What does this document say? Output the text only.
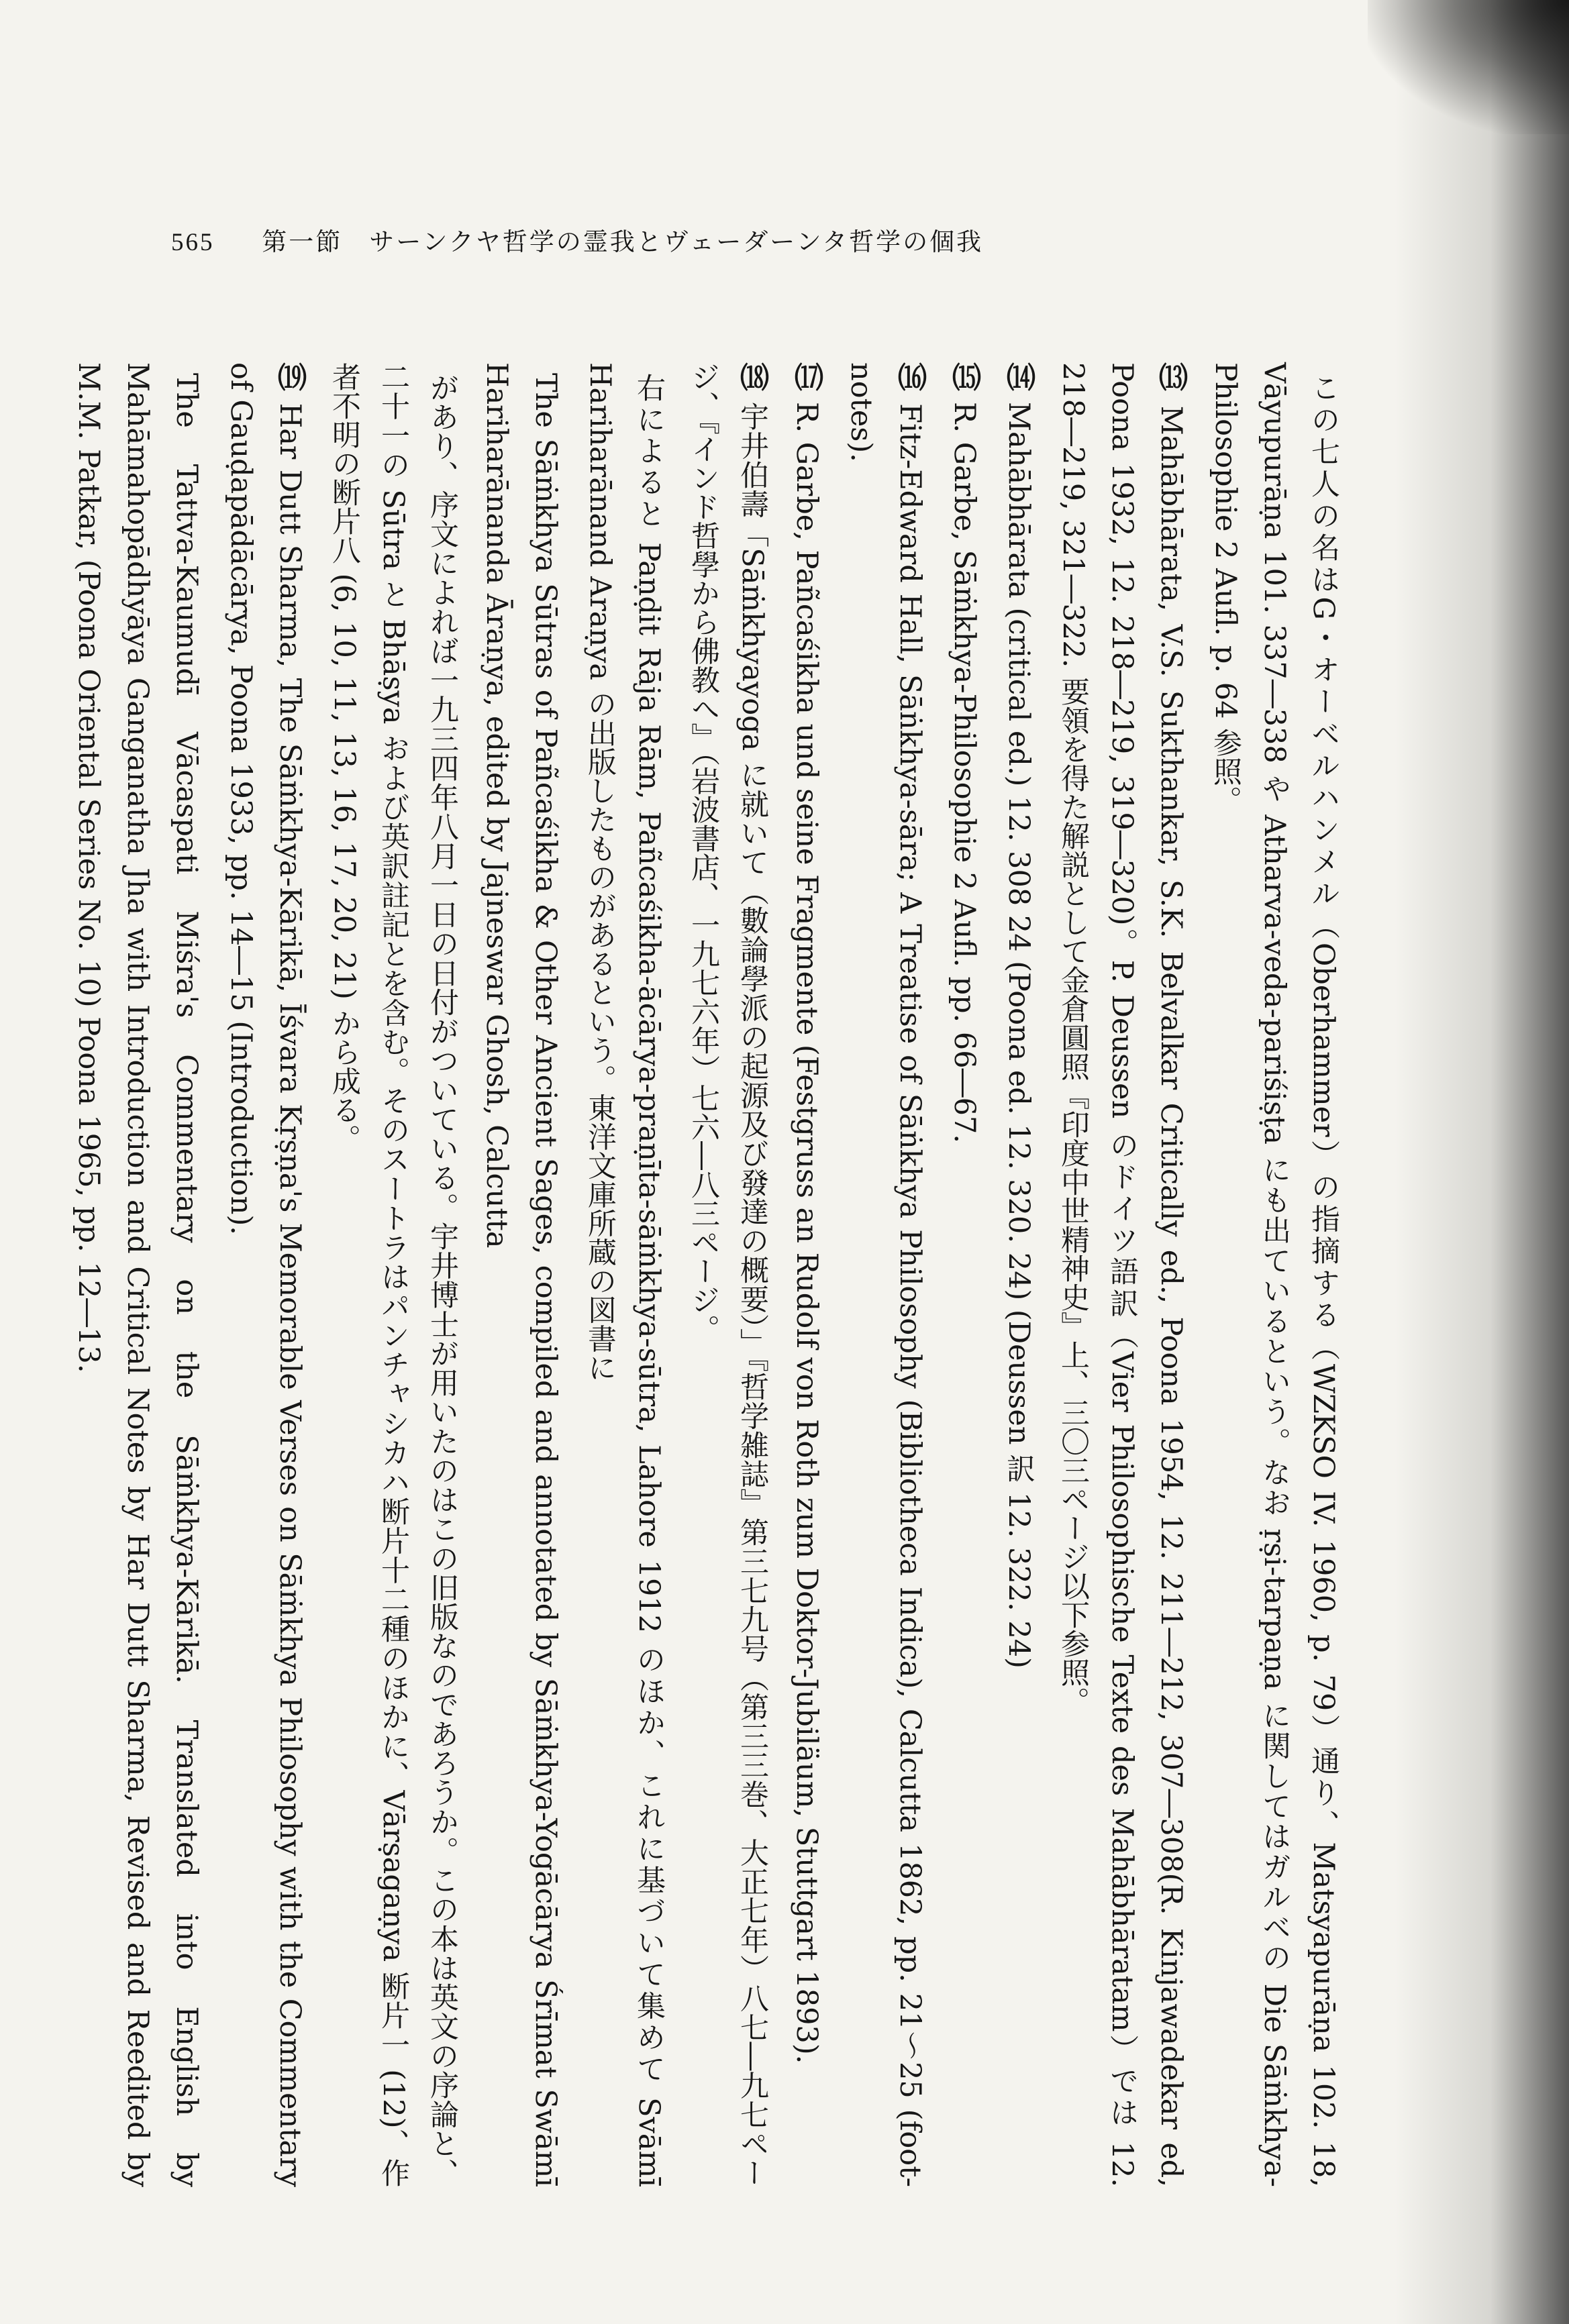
565 第一節　サーンクヤ哲学の霊我とヴェーダーンタ哲学の個我
この七人の名はG・オーベルハンメル（Oberhammer）の指摘する（WZKSO IV. 1960, p. 79）通り、Matsyapurāṇa 102. 18, Vāyupurāṇa 101. 337―338 や Atharva-veda-pariśiṣṭa にも出ているという。なお ṛṣi-tarpaṇa に関してはガルベの Die Sāṁkhya-Philosophie 2 Aufl. p. 64 参照。
⒀Mahābhārata, V.S. Sukthankar, S.K. Belvalkar Critically ed., Poona 1954, 12. 211―212, 307―308(R. Kinjawadekar ed, Poona 1932, 12. 218―219, 319―320)。P. Deussen のドイツ語訳（Vier Philosophische Texte des Mahābhāratam）では 12. 218―219, 321―322. 要領を得た解説として金倉圓照『印度中世精神史』上、三〇三ページ以下参照。
⒁Mahābhārata (critical ed.) 12. 308 24 (Poona ed. 12. 320. 24) (Deussen 訳 12. 322. 24)
⒂R. Garbe, Sāṁkhya-Philosophie 2 Aufl. pp. 66―67.
⒃Fitz-Edward Hall, Sāṅkhya-sāra; A Treatise of Sāṅkhya Philosophy (Bibliotheca Indica), Calcutta 1862, pp. 21～25 (foot-notes).
⒄R. Garbe, Pañcaśikha und seine Fragmente (Festgruss an Rudolf von Roth zum Doktor-Jubiläum, Stuttgart 1893).
⒅宇井伯壽「Sāṁkhyayoga に就いて（數論學派の起源及び發達の概要）」『哲学雑誌』第三七九号（第三三巻、大正七年）八七―九七ページ、『インド哲學から佛教へ』（岩波書店、一九七六年）七六―八三ページ。
右によると Paṇḍit Rāja Rām, Pañcaśikha-ācārya-praṇīta-sāṁkhya-sūtra, Lahore 1912 のほか、これに基づいて集めて Svāmī Hariharānand Araṇya の出版したものがあるという。東洋文庫所蔵の図書に
The Sāṁkhya Sūtras of Pañcaśikha & Other Ancient Sages, compiled and annotated by Sāṁkhya-Yogācārya Śrīmat Swāmī Hariharānanda Āraṇya, edited by Jajneswar Ghosh, Calcutta
があり、序文によれば一九三四年八月一日の日付がついている。宇井博士が用いたのはこの旧版なのであろうか。この本は英文の序論と、二十一の Sūtra と Bhāṣya および英訳註記とを含む。そのスートラはパンチャシカハ断片十二種のほかに、Vārṣagaṇya 断片一 (12)、作者不明の断片八 (6, 10, 11, 13, 16, 17, 20, 21) から成る。
⒆Har Dutt Sharma, The Sāṁkhya-Kārikā, Īśvara Kṛṣṇa's Memorable Verses on Sāṁkhya Philosophy with the Commentary of Gauḍapādācārya, Poona 1933, pp. 14―15 (Introduction).
The Tattva-Kaumudī Vācaspati Miśra's Commentary on the Sāṁkhya-Kārikā. Translated into English by Mahāmahopādhyāya Ganganatha Jha with Introduction and Critical Notes by Har Dutt Sharma, Revised and Reedited by M.M. Patkar, (Poona Oriental Series No. 10) Poona 1965, pp. 12―13.
